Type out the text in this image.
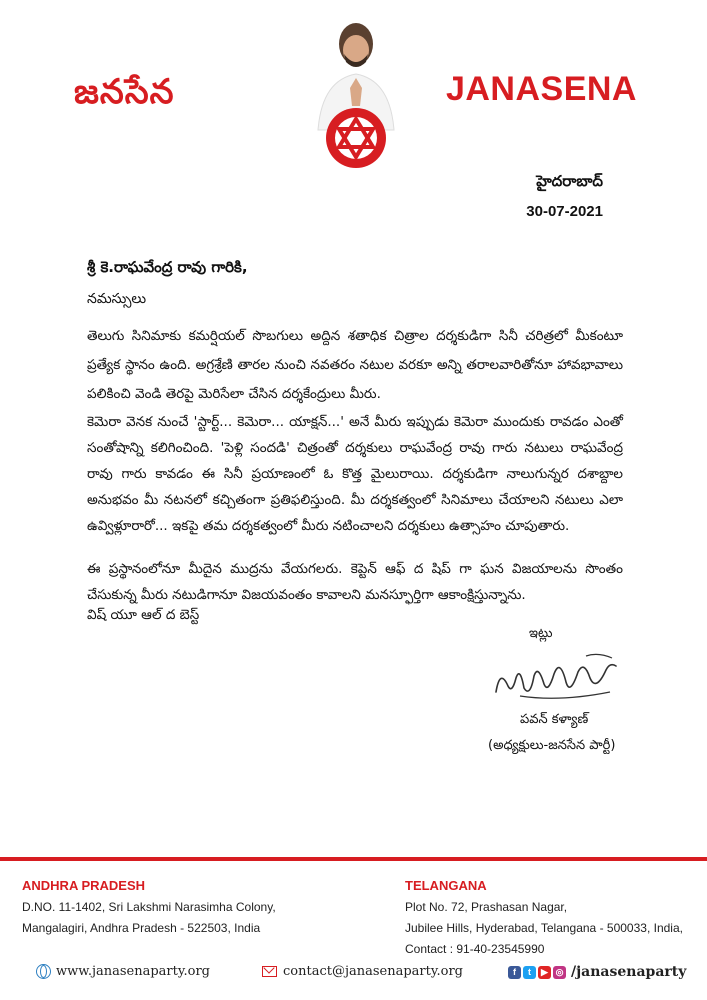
జనసేన	JANASENA
హైదరాబాద్
30-07-2021
శ్రీ కె.రాఘవేంద్ర రావు గారికి,
నమస్సులు

తెలుగు సినిమాకు కమర్షియల్ సొబగులు అద్దిన శతాధిక చిత్రాల దర్శకుడిగా సినీ చరిత్రలో మీకంటూ ప్రత్యేక స్థానం ఉంది. అగ్రశ్రేణి తారల నుంచి నవతరం నటుల వరకూ అన్ని తరాలవారితోనూ హావభావాలు పలికించి వెండి తెరపై మెరిసేలా చేసిన దర్శకేంద్రులు మీరు.

కెమెరా వెనక నుంచే 'స్టార్ట్... కెమెరా... యాక్షన్...' అనే మీరు ఇప్పుడు కెమెరా ముందుకు రావడం ఎంతో సంతోషాన్ని కలిగించింది. 'పెళ్లి సందడి' చిత్రంతో దర్శకులు రాఘవేంద్ర రావు గారు నటులు రాఘవేంద్ర రావు గారు కావడం ఈ సినీ ప్రయాణంలో ఓ కొత్త మైలురాయి. దర్శకుడిగా నాలుగున్నర దశాబ్దాల అనుభవం మీ నటనలో కచ్చితంగా ప్రతిఫలిస్తుంది. మీ దర్శకత్వంలో సినిమాలు చేయాలని నటులు ఎలా ఉవ్విళ్లూరారో... ఇకపై తమ దర్శకత్వంలో మీరు నటించాలని దర్శకులు ఉత్సాహం చూపుతారు.

ఈ ప్రస్థానంలోనూ మీదైన ముద్రను వేయగలరు. కెప్టెన్ ఆఫ్ ద షిప్ గా ఘన విజయాలను సొంతం చేసుకున్న మీరు నటుడిగానూ విజయవంతం కావాలని మనస్ఫూర్తిగా ఆకాంక్షిస్తున్నాను.

విష్ యూ ఆల్ ద బెస్ట్
ఇట్లు
పవన్ కళ్యాణ్
(అధ్యక్షులు-జనసేన పార్టీ)
ANDHRA PRADESH
D.NO. 11-1402, Sri Lakshmi Narasimha Colony,
Mangalagiri, Andhra Pradesh - 522503, India
TELANGANA
Plot No. 72, Prashasan Nagar,
Jubilee Hills, Hyderabad, Telangana - 500033, India,
Contact : 91-40-23545990
www.janasenaparty.org	contact@janasenaparty.org	f	t	▶ ◎ /janasenaparty
